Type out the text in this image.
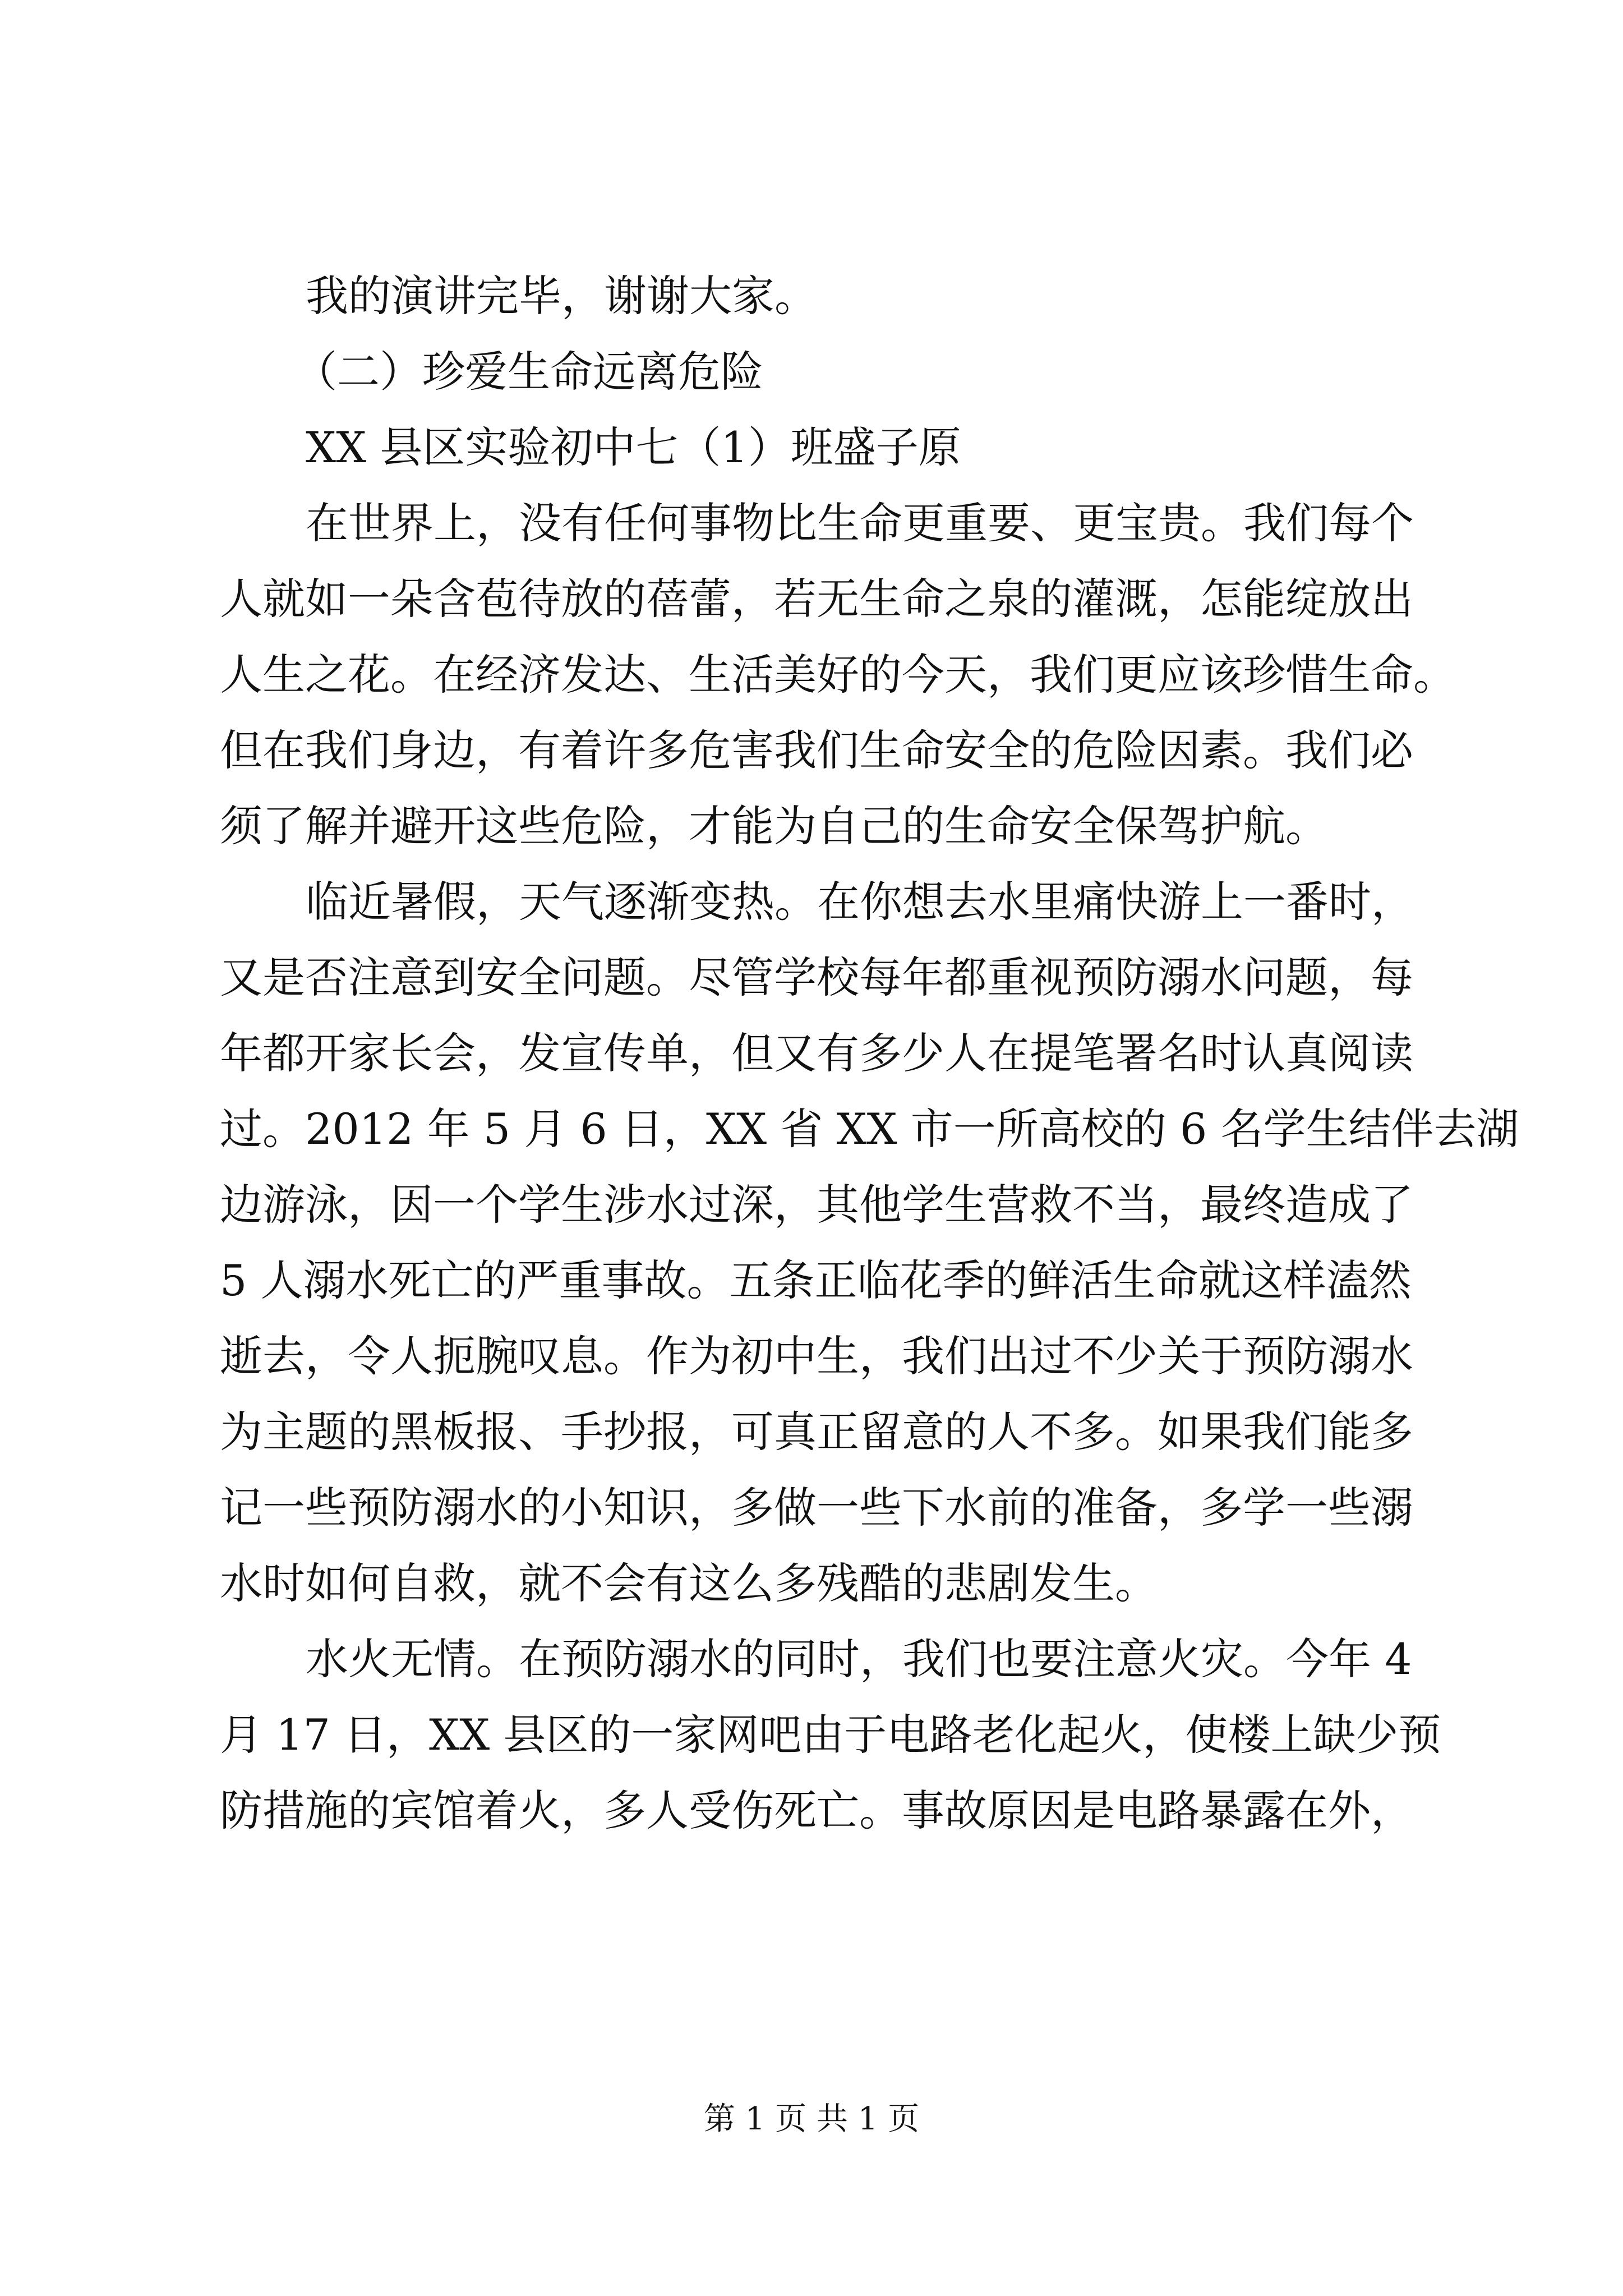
我的演讲完毕，谢谢大家。
（二）珍爱生命远离危险
XX 县区实验初中七（1）班盛子原
在世界上，没有任何事物比生命更重要、更宝贵。我们每个
人就如一朵含苞待放的蓓蕾，若无生命之泉的灌溉，怎能绽放出
人生之花。在经济发达、生活美好的今天，我们更应该珍惜生命。
但在我们身边，有着许多危害我们生命安全的危险因素。我们必
须了解并避开这些危险，才能为自己的生命安全保驾护航。
临近暑假，天气逐渐变热。在你想去水里痛快游上一番时，
又是否注意到安全问题。尽管学校每年都重视预防溺水问题，每
年都开家长会，发宣传单，但又有多少人在提笔署名时认真阅读
过。2012 年 5 月 6 日，XX 省 XX 市一所高校的 6 名学生结伴去湖
边游泳，因一个学生涉水过深，其他学生营救不当，最终造成了
5 人溺水死亡的严重事故。五条正临花季的鲜活生命就这样溘然
逝去，令人扼腕叹息。作为初中生，我们出过不少关于预防溺水
为主题的黑板报、手抄报，可真正留意的人不多。如果我们能多
记一些预防溺水的小知识，多做一些下水前的准备，多学一些溺
水时如何自救，就不会有这么多残酷的悲剧发生。
水火无情。在预防溺水的同时，我们也要注意火灾。今年 4
月 17 日，XX 县区的一家网吧由于电路老化起火，使楼上缺少预
防措施的宾馆着火，多人受伤死亡。事故原因是电路暴露在外，
第 1 页 共 1 页
